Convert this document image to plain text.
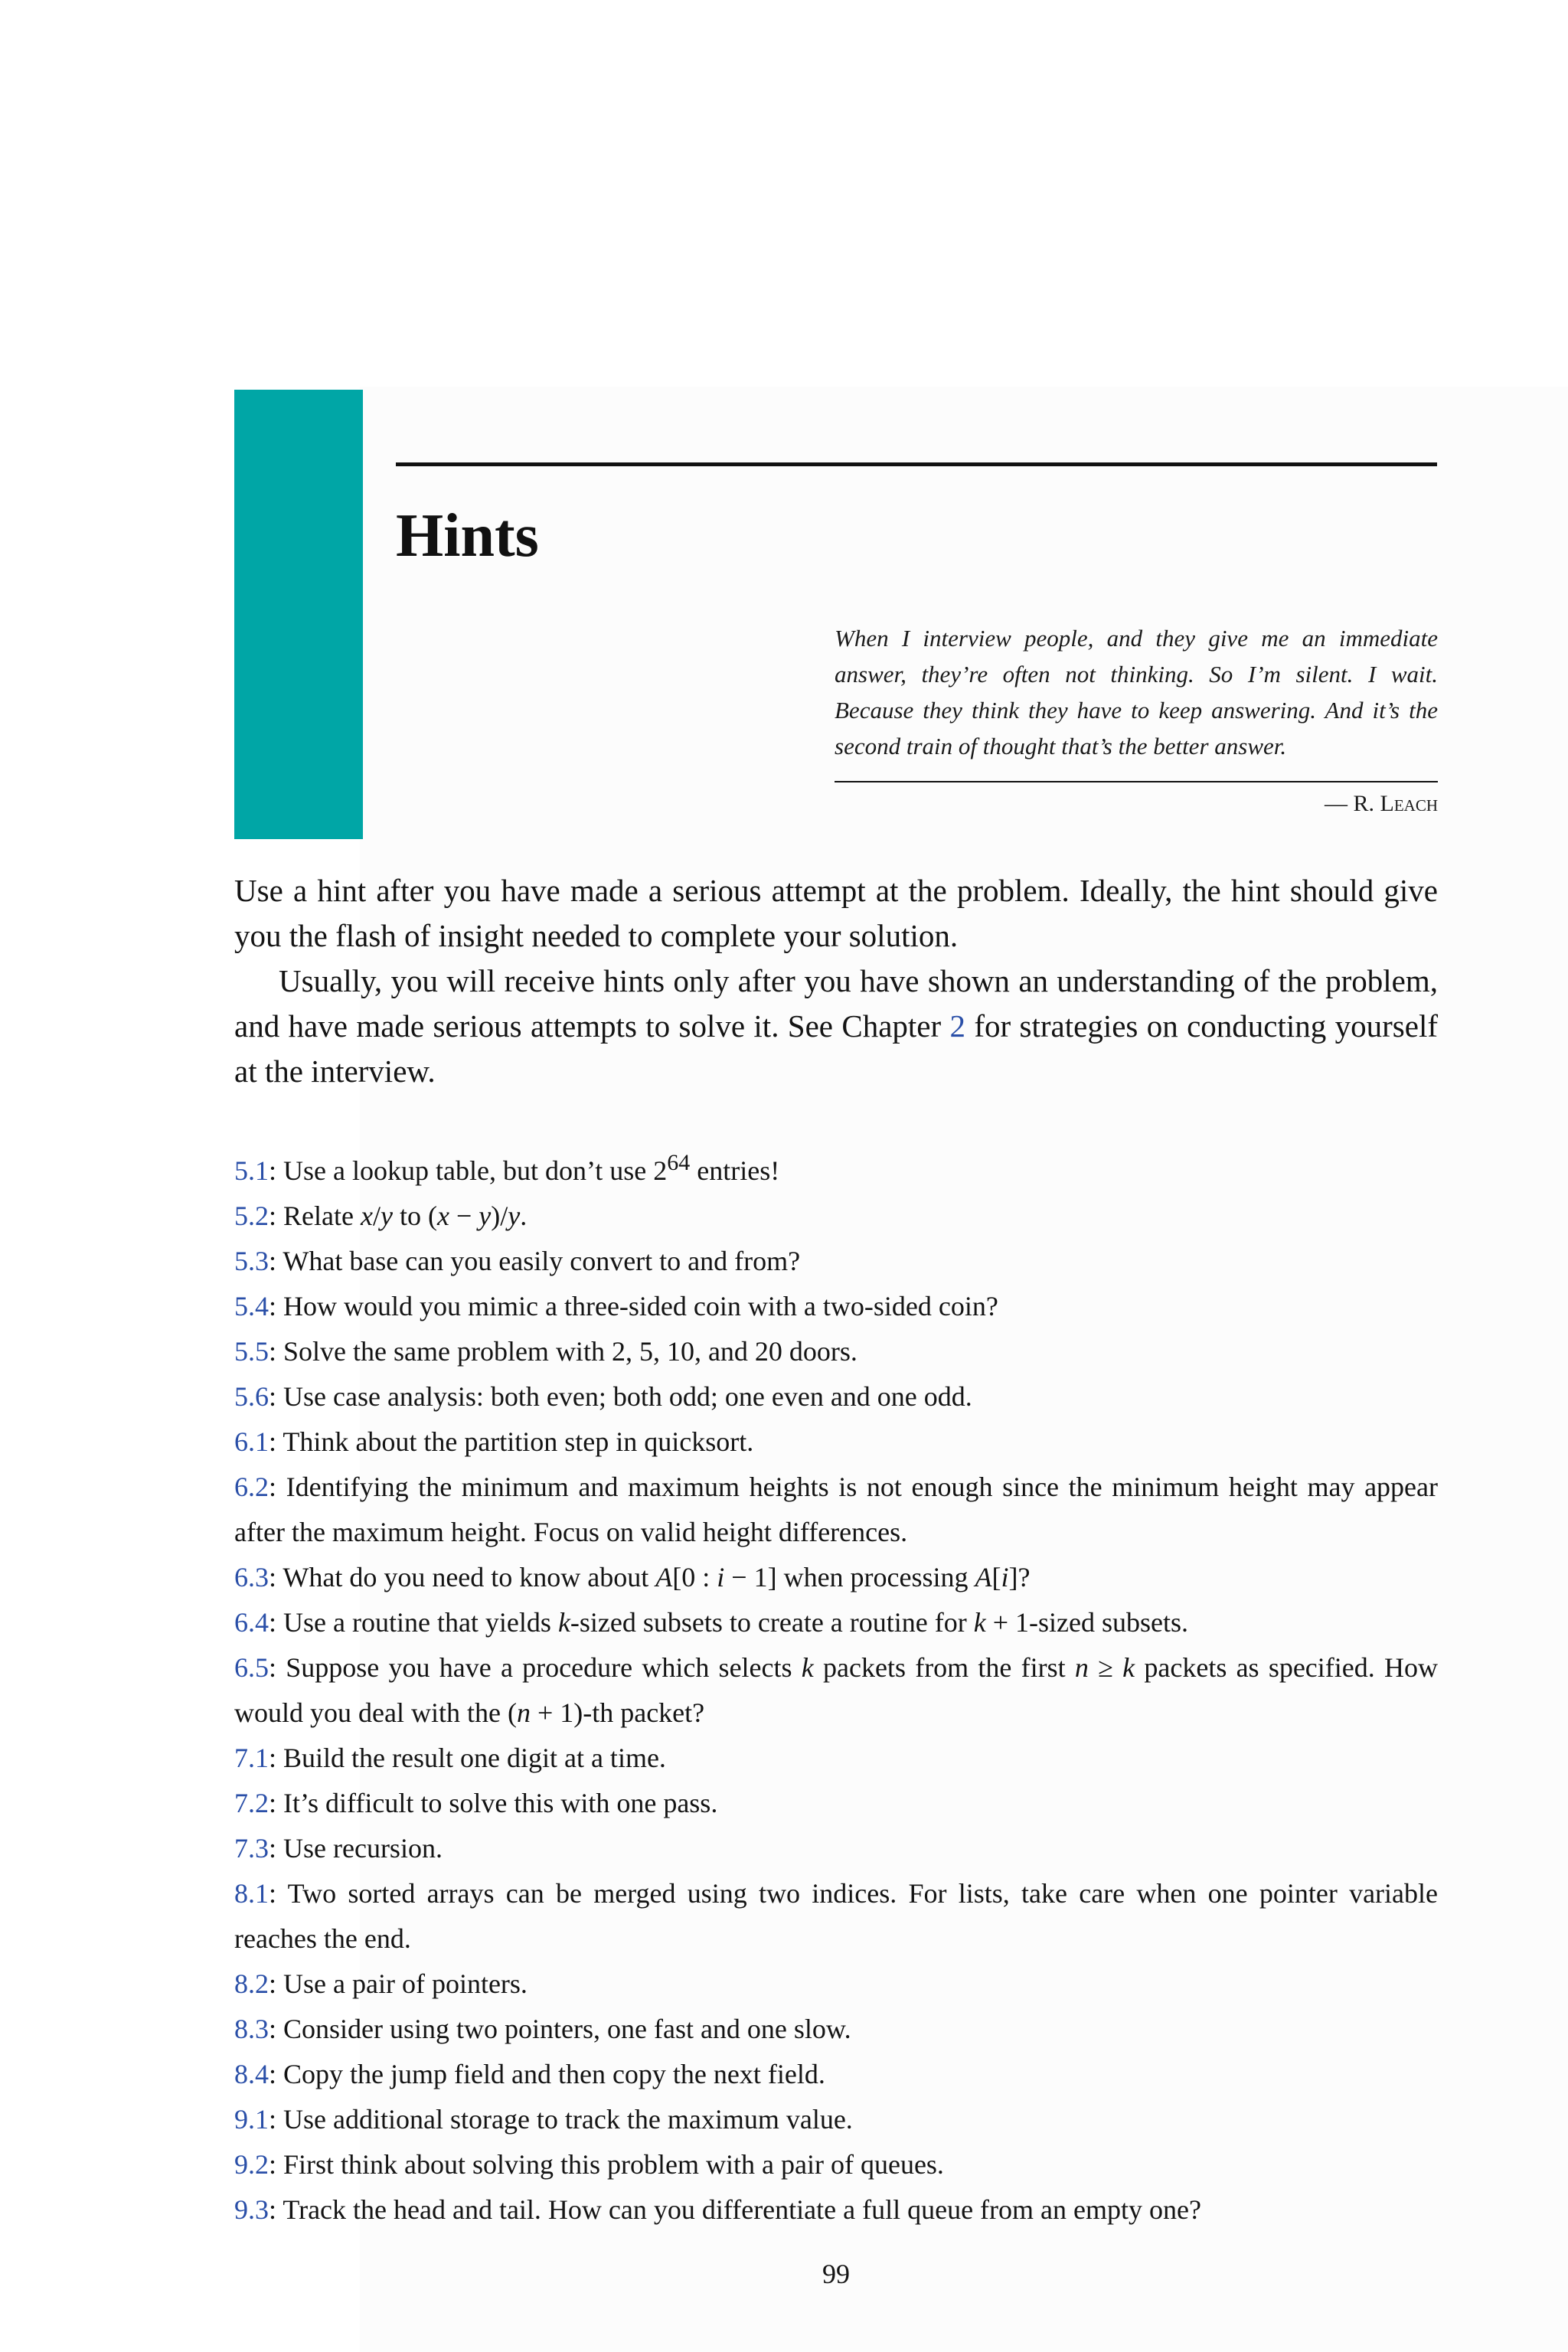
Hints

When I interview people, and they give me an immediate answer, they’re often not thinking. So I’m silent. I wait. Because they think they have to keep answering. And it’s the second train of thought that’s the better answer.

— R. Leach

Use a hint after you have made a serious attempt at the problem. Ideally, the hint should give you the flash of insight needed to complete your solution.

Usually, you will receive hints only after you have shown an understanding of the problem, and have made serious attempts to solve it. See Chapter 2 for strategies on conducting yourself at the interview.

5.1: Use a lookup table, but don’t use $2^{64}$ entries!

5.2: Relate x/y to (x − y)/y.

5.3: What base can you easily convert to and from?

5.4: How would you mimic a three-sided coin with a two-sided coin?

5.5: Solve the same problem with 2, 5, 10, and 20 doors.

5.6: Use case analysis: both even; both odd; one even and one odd.

6.1: Think about the partition step in quicksort.

6.2: Identifying the minimum and maximum heights is not enough since the minimum height may appear after the maximum height. Focus on valid height differences.

6.3: What do you need to know about A[0 : i − 1] when processing A[i]?

6.4: Use a routine that yields k-sized subsets to create a routine for k + 1-sized subsets.

6.5: Suppose you have a procedure which selects k packets from the first n ≥ k packets as specified. How would you deal with the (n + 1)-th packet?

7.1: Build the result one digit at a time.

7.2: It’s difficult to solve this with one pass.

7.3: Use recursion.

8.1: Two sorted arrays can be merged using two indices. For lists, take care when one pointer variable reaches the end.

8.2: Use a pair of pointers.

8.3: Consider using two pointers, one fast and one slow.

8.4: Copy the jump field and then copy the next field.

9.1: Use additional storage to track the maximum value.

9.2: First think about solving this problem with a pair of queues.

9.3: Track the head and tail. How can you differentiate a full queue from an empty one?

99
